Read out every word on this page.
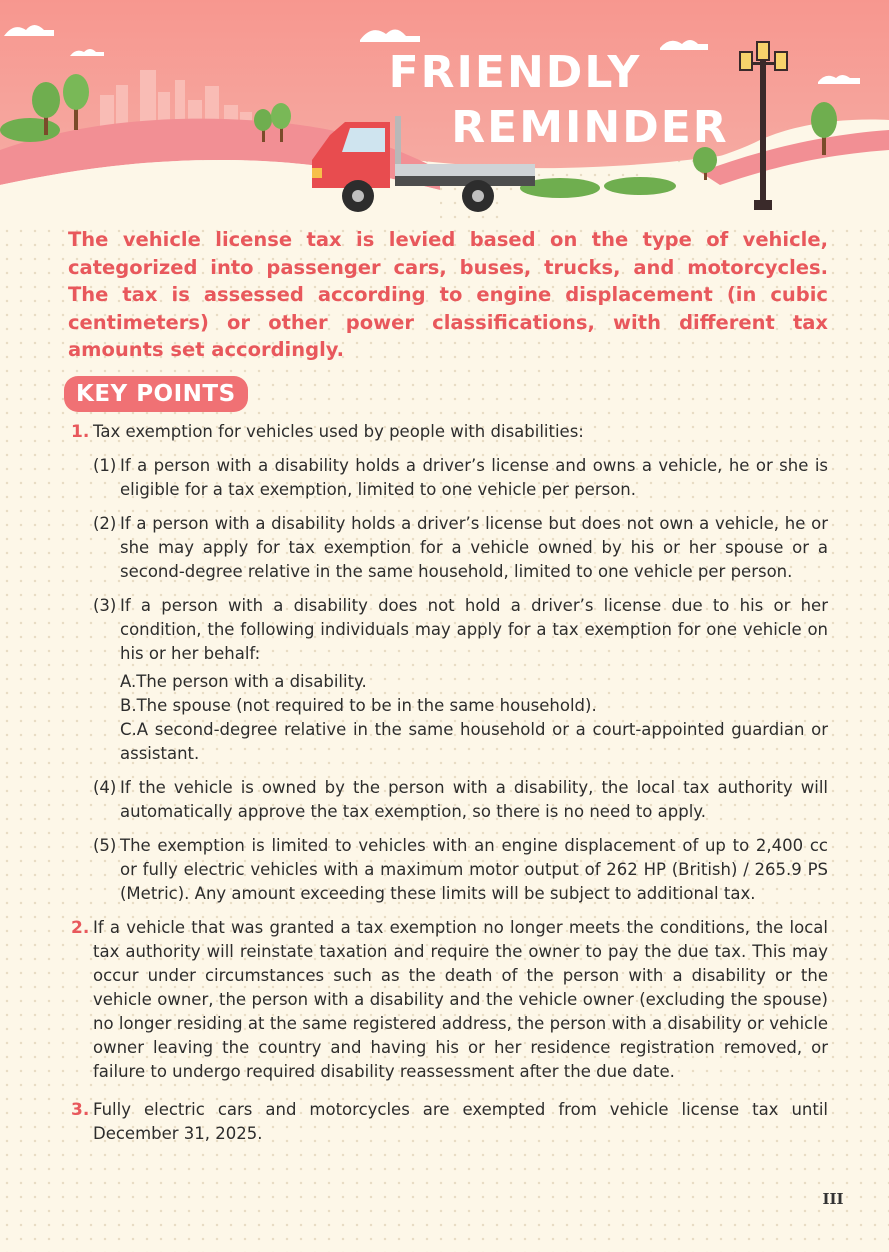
FRIENDLY
REMINDER
The vehicle license tax is levied based on the type of vehicle, categorized into passenger cars, buses, trucks, and motorcycles. The tax is assessed according to engine displacement (in cubic centimeters) or other power classifications, with different tax amounts set accordingly.
KEY POINTS
1. Tax exemption for vehicles used by people with disabilities:
(1) If a person with a disability holds a driver’s license and owns a vehicle, he or she is eligible for a tax exemption, limited to one vehicle per person.
(2) If a person with a disability holds a driver’s license but does not own a vehicle, he or she may apply for tax exemption for a vehicle owned by his or her spouse or a second-degree relative in the same household, limited to one vehicle per person.
(3) If a person with a disability does not hold a driver’s license due to his or her condition, the following individuals may apply for a tax exemption for one vehicle on his or her behalf:
A.The person with a disability.
B.The spouse (not required to be in the same household).
C.A second-degree relative in the same household or a court-appointed guardian or assistant.
(4) If the vehicle is owned by the person with a disability, the local tax authority will automatically approve the tax exemption, so there is no need to apply.
(5) The exemption is limited to vehicles with an engine displacement of up to 2,400 cc or fully electric vehicles with a maximum motor output of 262 HP (British) / 265.9 PS (Metric). Any amount exceeding these limits will be subject to additional tax.
2. If a vehicle that was granted a tax exemption no longer meets the conditions, the local tax authority will reinstate taxation and require the owner to pay the due tax. This may occur under circumstances such as the death of the person with a disability or the vehicle owner, the person with a disability and the vehicle owner (excluding the spouse) no longer residing at the same registered address, the person with a disability or vehicle owner leaving the country and having his or her residence registration removed, or failure to undergo required disability reassessment after the due date.
3. Fully electric cars and motorcycles are exempted from vehicle license tax until December 31, 2025.
III
